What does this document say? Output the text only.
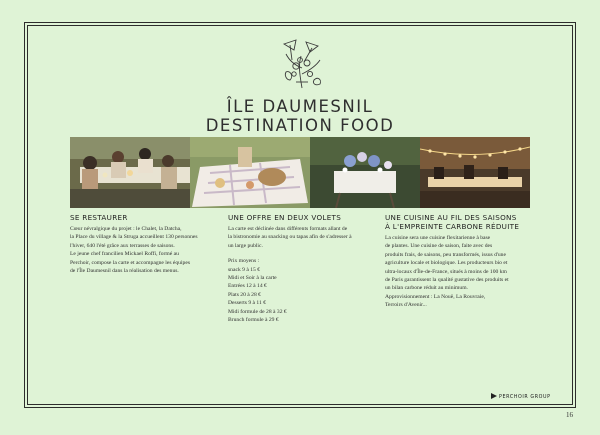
ÎLE DAUMESNIL
DESTINATION FOOD
SE RESTAURER

Cœur névralgique du projet : le Chalet, la Datcha,

la Place du village & la Struga accueillent 130 personnes

l'hiver, 640 l'été grâce aux terrasses de saisons.

Le jeune chef francilien Mickael Roffi, formé au

Perchoir, compose la carte et accompagne les équipes

de l'Île Daumesnil dans la réalisation des menus.

UNE OFFRE EN DEUX VOLETS

La carte est déclinée dans différents formats allant de

la bistronomie au snacking ou tapas afin de s'adresser à

un large public.

Prix moyens :

snack 9 à 15 €

Midi et Soir à la carte

Entrées 12 à 14 €

Plats 20 à 28 €

Desserts 9 à 11 €

Midi formule de 28 à 32 €

Brunch formule à 29 €

UNE CUISINE AU FIL DES SAISONS
À L'EMPREINTE CARBONE RÉDUITE

La cuisine sera une cuisine flexitarienne à base

de plantes. Une cuisine de saison, faite avec des

produits frais, de saisons, peu transformés, issus d'une

agriculture locale et biologique. Les producteurs bio et

ultra-locaux d'Île-de-France, situés à moins de 100 km

de Paris garantissent la qualité gustative des produits et

un bilan carbone réduit au minimum.

Approvisionnement : La Nouë, La Rouvraie,

Terroirs d'Avenir...

PERCHOIR GROUP
16
